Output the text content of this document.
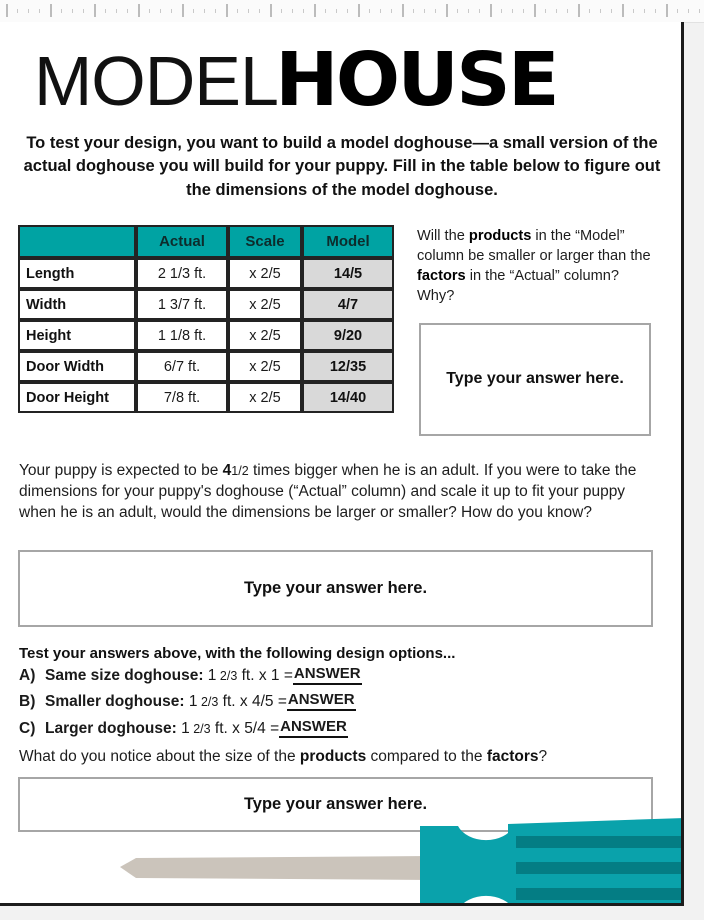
MODELHOUSE
To test your design, you want to build a model doghouse—a small version of the actual doghouse you will build for your puppy. Fill in the table below to figure out the dimensions of the model doghouse.
	Actual	Scale	Model
Length	2 1/3 ft.	x 2/5	14/5
Width	1 3/7 ft.	x 2/5	4/7
Height	1 1/8 ft.	x 2/5	9/20
Door Width	6/7 ft.	x 2/5	12/35
Door Height	7/8 ft.	x 2/5	14/40
Will the products in the “Model” column be smaller or larger than the factors in the “Actual” column? Why?
Type your answer here.
Your puppy is expected to be 41/2 times bigger when he is an adult. If you were to take the dimensions for your puppy's doghouse (“Actual” column) and scale it up to fit your puppy when he is an adult, would the dimensions be larger or smaller? How do you know?
Type your answer here.
Test your answers above, with the following design options...
A) Same size doghouse: 1 2/3 ft. x 1 =ANSWER
B) Smaller doghouse: 1 2/3 ft. x 4/5 =ANSWER
C) Larger doghouse: 1 2/3 ft. x 5/4 =ANSWER
What do you notice about the size of the products compared to the factors?
Type your answer here.
